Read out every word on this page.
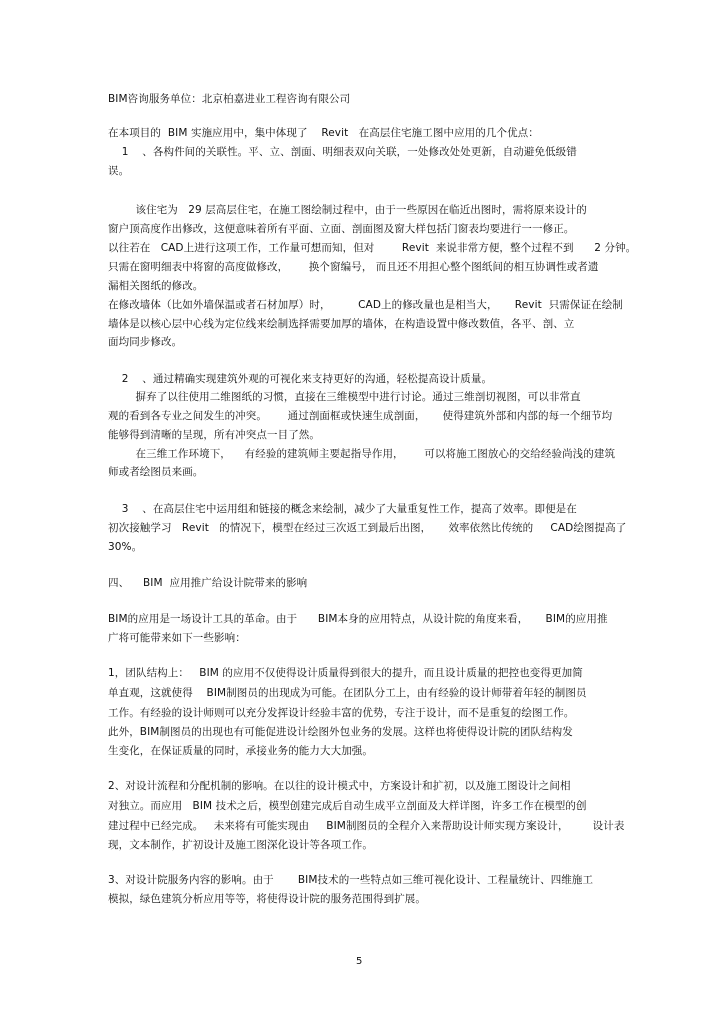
BIM咨询服务单位：北京柏嘉进业工程咨询有限公司
在本项目的  BIM 实施应用中，集中体现了    Revit   在高层住宅施工图中应用的几个优点：
1    、各构件间的关联性。平、立、剖面、明细表双向关联，一处修改处处更新，自动避免低级错
误。
该住宅为   29 层高层住宅，在施工图绘制过程中，由于一些原因在临近出图时，需将原来设计的
窗户顶高度作出修改，这便意味着所有平面、立面、剖面图及窗大样包括门窗表均要进行一一修正。
以往若在   CAD上进行这项工作，工作量可想而知，但对        Revit  来说非常方便，整个过程不到      2 分钟。
只需在窗明细表中将窗的高度做修改，      换个窗编号， 而且还不用担心整个图纸间的相互协调性或者遗
漏相关图纸的修改。
在修改墙体（比如外墙保温或者石材加厚）时，        CAD上的修改量也是相当大，     Revit  只需保证在绘制
墙体是以核心层中心线为定位线来绘制选择需要加厚的墙体，在构造设置中修改数值，各平、剖、立
面均同步修改。
2    、通过精确实现建筑外观的可视化来支持更好的沟通，轻松提高设计质量。
摒弃了以往使用二维图纸的习惯，直接在三维模型中进行讨论。通过三维剖切视图，可以非常直
观的看到各专业之间发生的冲突。      通过剖面框或快速生成剖面，     使得建筑外部和内部的每一个细节均
能够得到清晰的呈现，所有冲突点一目了然。
在三维工作环境下，    有经验的建筑师主要起指导作用，      可以将施工图放心的交给经验尚浅的建筑
师或者绘图员来画。
3    、在高层住宅中运用组和链接的概念来绘制，减少了大量重复性工作，提高了效率。即便是在
初次接触学习   Revit   的情况下，模型在经过三次返工到最后出图，     效率依然比传统的     CAD绘图提高了
30%。
四、    BIM  应用推广给设计院带来的影响
BIM的应用是一场设计工具的革命。由于      BIM本身的应用特点，从设计院的角度来看，     BIM的应用推
广将可能带来如下一些影响：
1，团队结构上：   BIM 的应用不仅使得设计质量得到很大的提升，而且设计质量的把控也变得更加简
单直观，这就使得    BIM制图员的出现成为可能。在团队分工上，由有经验的设计师带着年轻的制图员
工作。有经验的设计师则可以充分发挥设计经验丰富的优势，专注于设计，而不是重复的绘图工作。
此外，BIM制图员的出现也有可能促进设计绘图外包业务的发展。这样也将使得设计院的团队结构发
生变化，在保证质量的同时，承接业务的能力大大加强。
2、对设计流程和分配机制的影响。在以往的设计模式中，方案设计和扩初，以及施工图设计之间相
对独立。而应用   BIM 技术之后，模型创建完成后自动生成平立剖面及大样详图，许多工作在模型的创
建过程中已经完成。   未来将有可能实现由     BIM制图员的全程介入来帮助设计师实现方案设计，       设计表
现，文本制作，扩初设计及施工图深化设计等各项工作。
3、对设计院服务内容的影响。由于       BIM技术的一些特点如三维可视化设计、工程量统计、四维施工
模拟，绿色建筑分析应用等等，将使得设计院的服务范围得到扩展。
5
